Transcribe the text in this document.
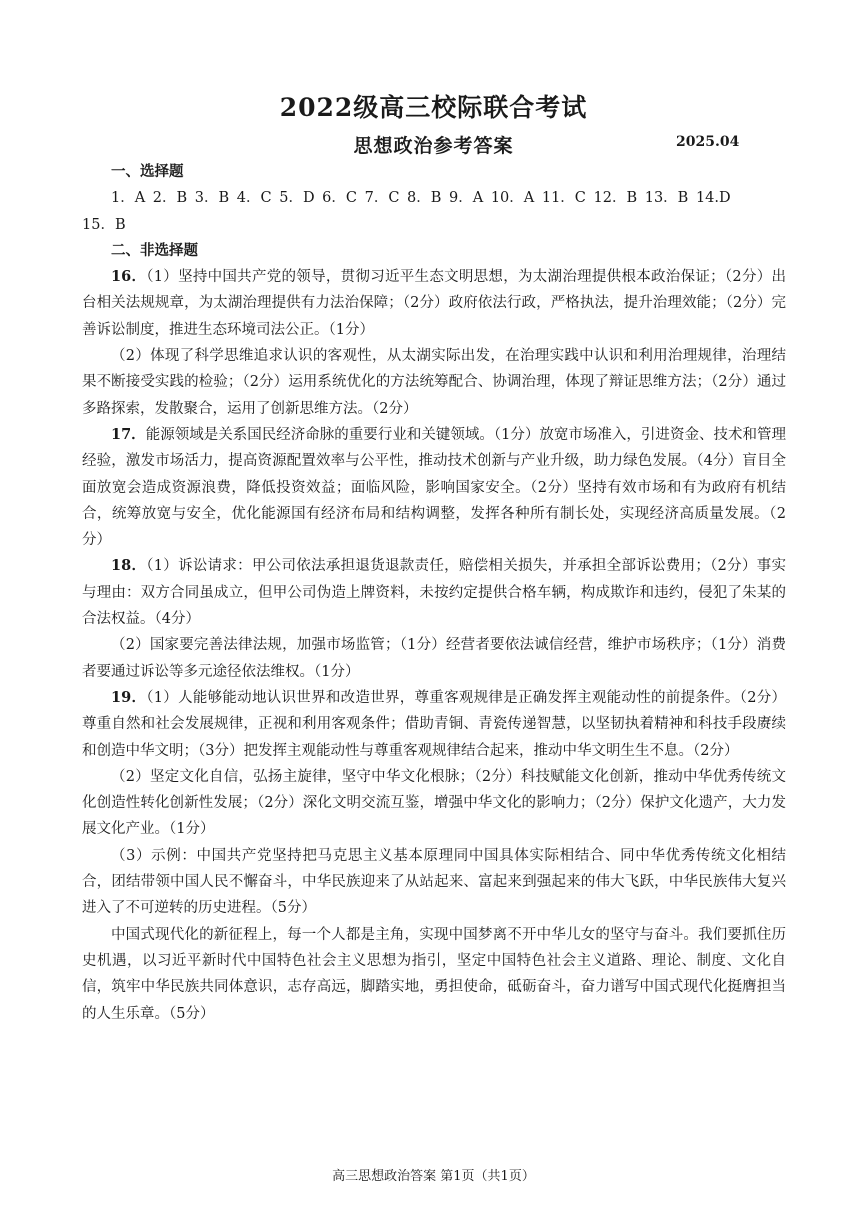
2022级高三校际联合考试
思想政治参考答案	2025.04

一、选择题

1．A 2．B 3．B 4．C 5．D 6．C 7．C 8．B 9．A 10．A 11．C 12．B 13．B 14.D

15．B

二、非选择题

16．（1）坚持中国共产党的领导，贯彻习近平生态文明思想，为太湖治理提供根本政治保证；（2分）出台相关法规规章，为太湖治理提供有力法治保障；（2分）政府依法行政，严格执法，提升治理效能；（2分）完善诉讼制度，推进生态环境司法公正。（1分）

（2）体现了科学思维追求认识的客观性，从太湖实际出发，在治理实践中认识和利用治理规律，治理结果不断接受实践的检验；（2分）运用系统优化的方法统筹配合、协调治理，体现了辩证思维方法；（2分）通过多路探索，发散聚合，运用了创新思维方法。（2分）

17．能源领域是关系国民经济命脉的重要行业和关键领域。（1分）放宽市场准入，引进资金、技术和管理经验，激发市场活力，提高资源配置效率与公平性，推动技术创新与产业升级，助力绿色发展。（4分）盲目全面放宽会造成资源浪费，降低投资效益；面临风险，影响国家安全。（2分）坚持有效市场和有为政府有机结合，统筹放宽与安全，优化能源国有经济布局和结构调整，发挥各种所有制长处，实现经济高质量发展。（2分）

18．（1）诉讼请求：甲公司依法承担退货退款责任，赔偿相关损失，并承担全部诉讼费用；（2分）事实与理由：双方合同虽成立，但甲公司伪造上牌资料，未按约定提供合格车辆，构成欺诈和违约，侵犯了朱某的合法权益。（4分）

（2）国家要完善法律法规，加强市场监管；（1分）经营者要依法诚信经营，维护市场秩序；（1分）消费者要通过诉讼等多元途径依法维权。（1分）

19．（1）人能够能动地认识世界和改造世界，尊重客观规律是正确发挥主观能动性的前提条件。（2分）尊重自然和社会发展规律，正视和利用客观条件；借助青铜、青瓷传递智慧，以坚韧执着精神和科技手段赓续和创造中华文明；（3分）把发挥主观能动性与尊重客观规律结合起来，推动中华文明生生不息。（2分）

（2）坚定文化自信，弘扬主旋律，坚守中华文化根脉；（2分）科技赋能文化创新，推动中华优秀传统文化创造性转化创新性发展；（2分）深化文明交流互鉴，增强中华文化的影响力；（2分）保护文化遗产，大力发展文化产业。（1分）

（3）示例：中国共产党坚持把马克思主义基本原理同中国具体实际相结合、同中华优秀传统文化相结合，团结带领中国人民不懈奋斗，中华民族迎来了从站起来、富起来到强起来的伟大飞跃，中华民族伟大复兴进入了不可逆转的历史进程。（5分）

中国式现代化的新征程上，每一个人都是主角，实现中国梦离不开中华儿女的坚守与奋斗。我们要抓住历史机遇，以习近平新时代中国特色社会主义思想为指引，坚定中国特色社会主义道路、理论、制度、文化自信，筑牢中华民族共同体意识，志存高远，脚踏实地，勇担使命，砥砺奋斗，奋力谱写中国式现代化挺膺担当的人生乐章。（5分）

高三思想政治答案 第1页（共1页）
